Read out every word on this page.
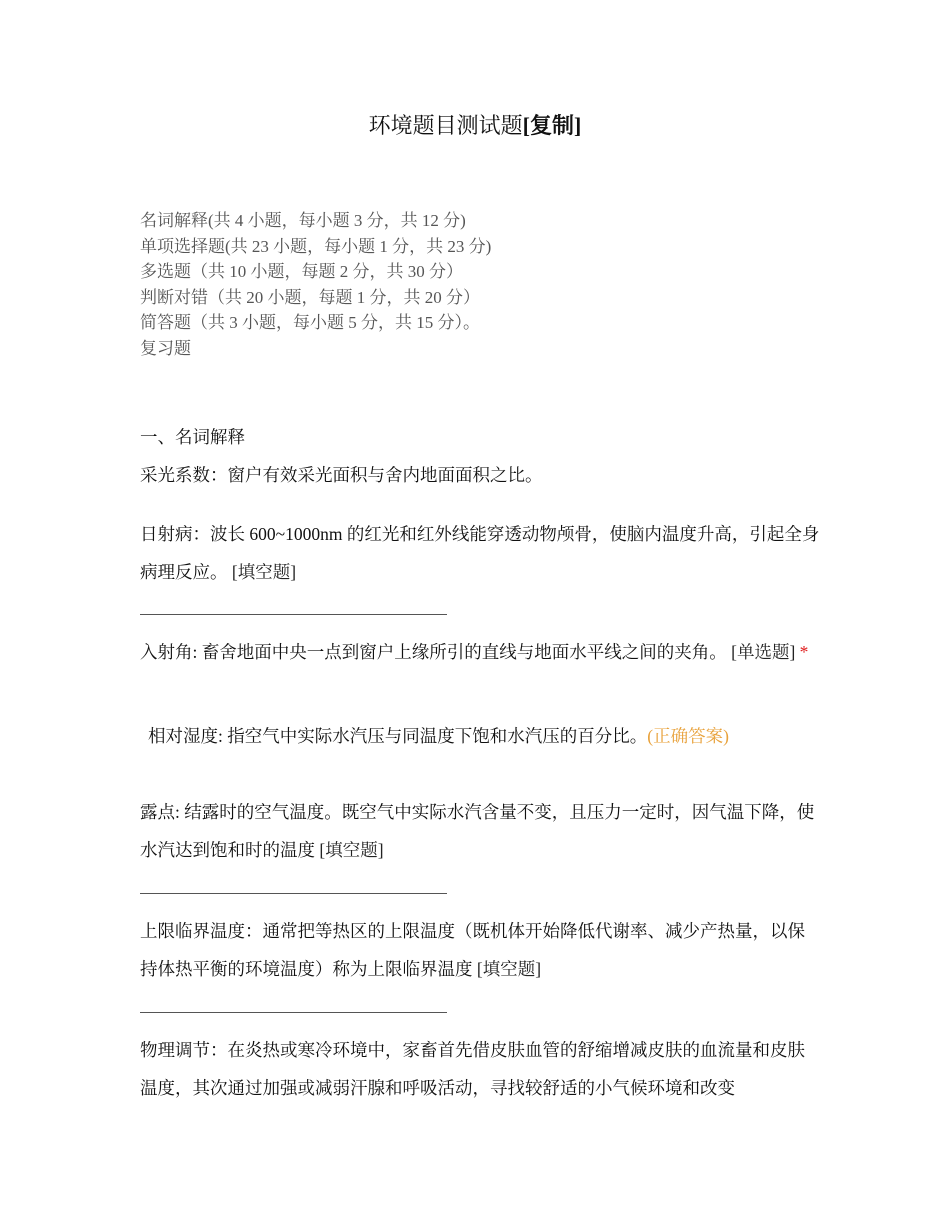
环境题目测试题[复制]
名词解释(共 4 小题，每小题 3 分，共 12 分)
单项选择题(共 23 小题，每小题 1 分，共 23 分)
多选题（共 10 小题，每题 2 分，共 30 分）
判断对错（共 20 小题，每题 1 分，共 20 分）
简答题（共 3 小题，每小题 5 分，共 15 分）。
复习题
一、名词解释
采光系数：窗户有效采光面积与舍内地面面积之比。
日射病：波长 600~1000nm 的红光和红外线能穿透动物颅骨，使脑内温度升高，引起全身病理反应。 [填空题]
入射角: 畜舍地面中央一点到窗户上缘所引的直线与地面水平线之间的夹角。 [单选题] *
相对湿度: 指空气中实际水汽压与同温度下饱和水汽压的百分比。(正确答案)
露点: 结露时的空气温度。既空气中实际水汽含量不变，且压力一定时，因气温下降，使水汽达到饱和时的温度 [填空题]
上限临界温度：通常把等热区的上限温度（既机体开始降低代谢率、减少产热量，以保持体热平衡的环境温度）称为上限临界温度 [填空题]
物理调节：在炎热或寒冷环境中，家畜首先借皮肤血管的舒缩增减皮肤的血流量和皮肤温度，其次通过加强或减弱汗腺和呼吸活动，寻找较舒适的小气候环境和改变
